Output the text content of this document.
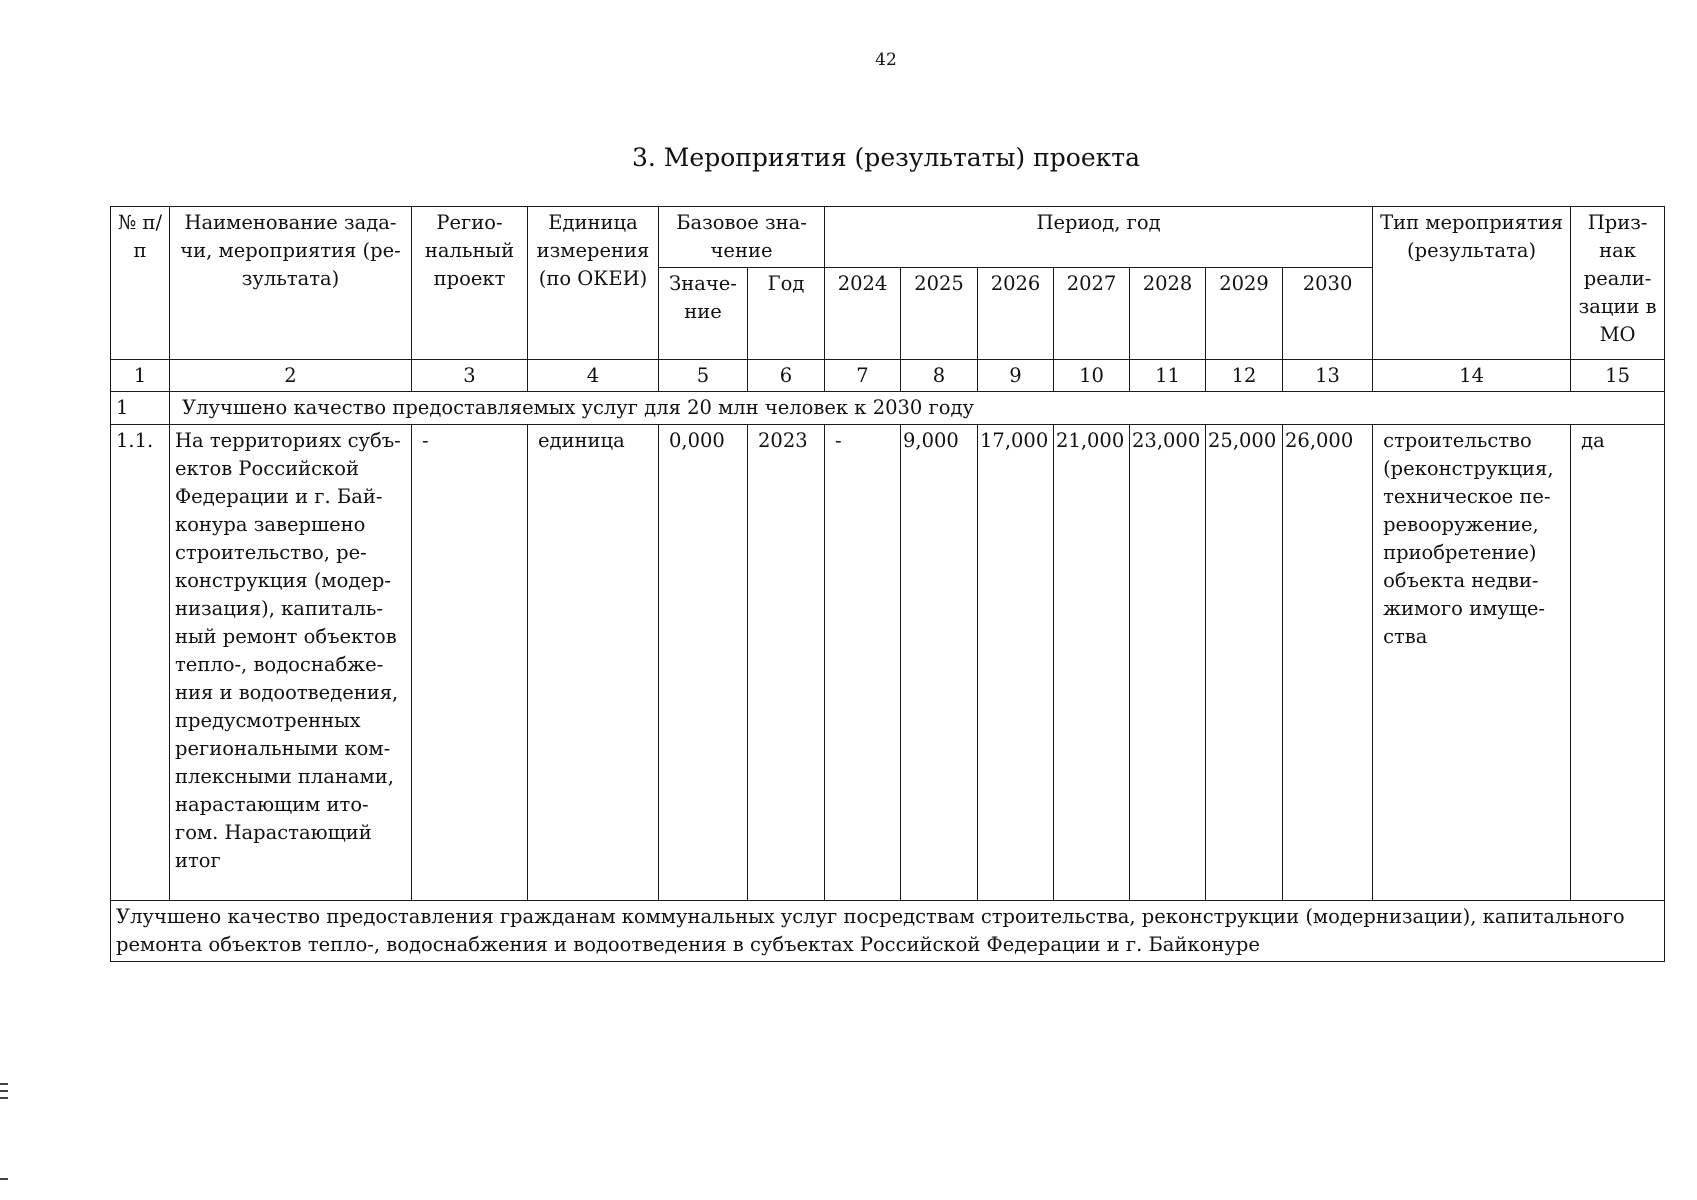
42
3. Мероприятия (результаты) проекта
№ п/п	Наименование зада-чи, мероприятия (ре-зультата)	Регио-нальный проект	Единица измерения (по ОКЕИ)	Базовое зна-чение		Период, год							Тип мероприятия (результата)	Приз-нак реали-зации в МО
				Значе-ние	Год	2024	2025	2026	2027	2028	2029	2030		
1	2	3	4	5	6	7	8	9	10	11	12	13	14	15
1	Улучшено качество предоставляемых услуг для 20 млн человек к 2030 году													
1.1.	На территориях субъ-ектов Российской Федерации и г. Бай-конура завершено строительство, ре-конструкция (модер-низация), капиталь-ный ремонт объектов тепло-, водоснабже-ния и водоотведения, предусмотренных региональными ком-плексными планами, нарастающим ито-гом. Нарастающий итог	-	единица	0,000	2023	-	9,000	17,000	21,000	23,000	25,000	26,000	строительство (реконструкция, техническое пе-ревооружение, приобретение) объекта недви-жимого имуще-ства	да
Улучшено качество предоставления гражданам коммунальных услуг посредствам строительства, реконструкции (модернизации), капитального ремонта объектов тепло-, водоснабжения и водоотведения в субъектах Российской Федерации и г. Байконуре														
